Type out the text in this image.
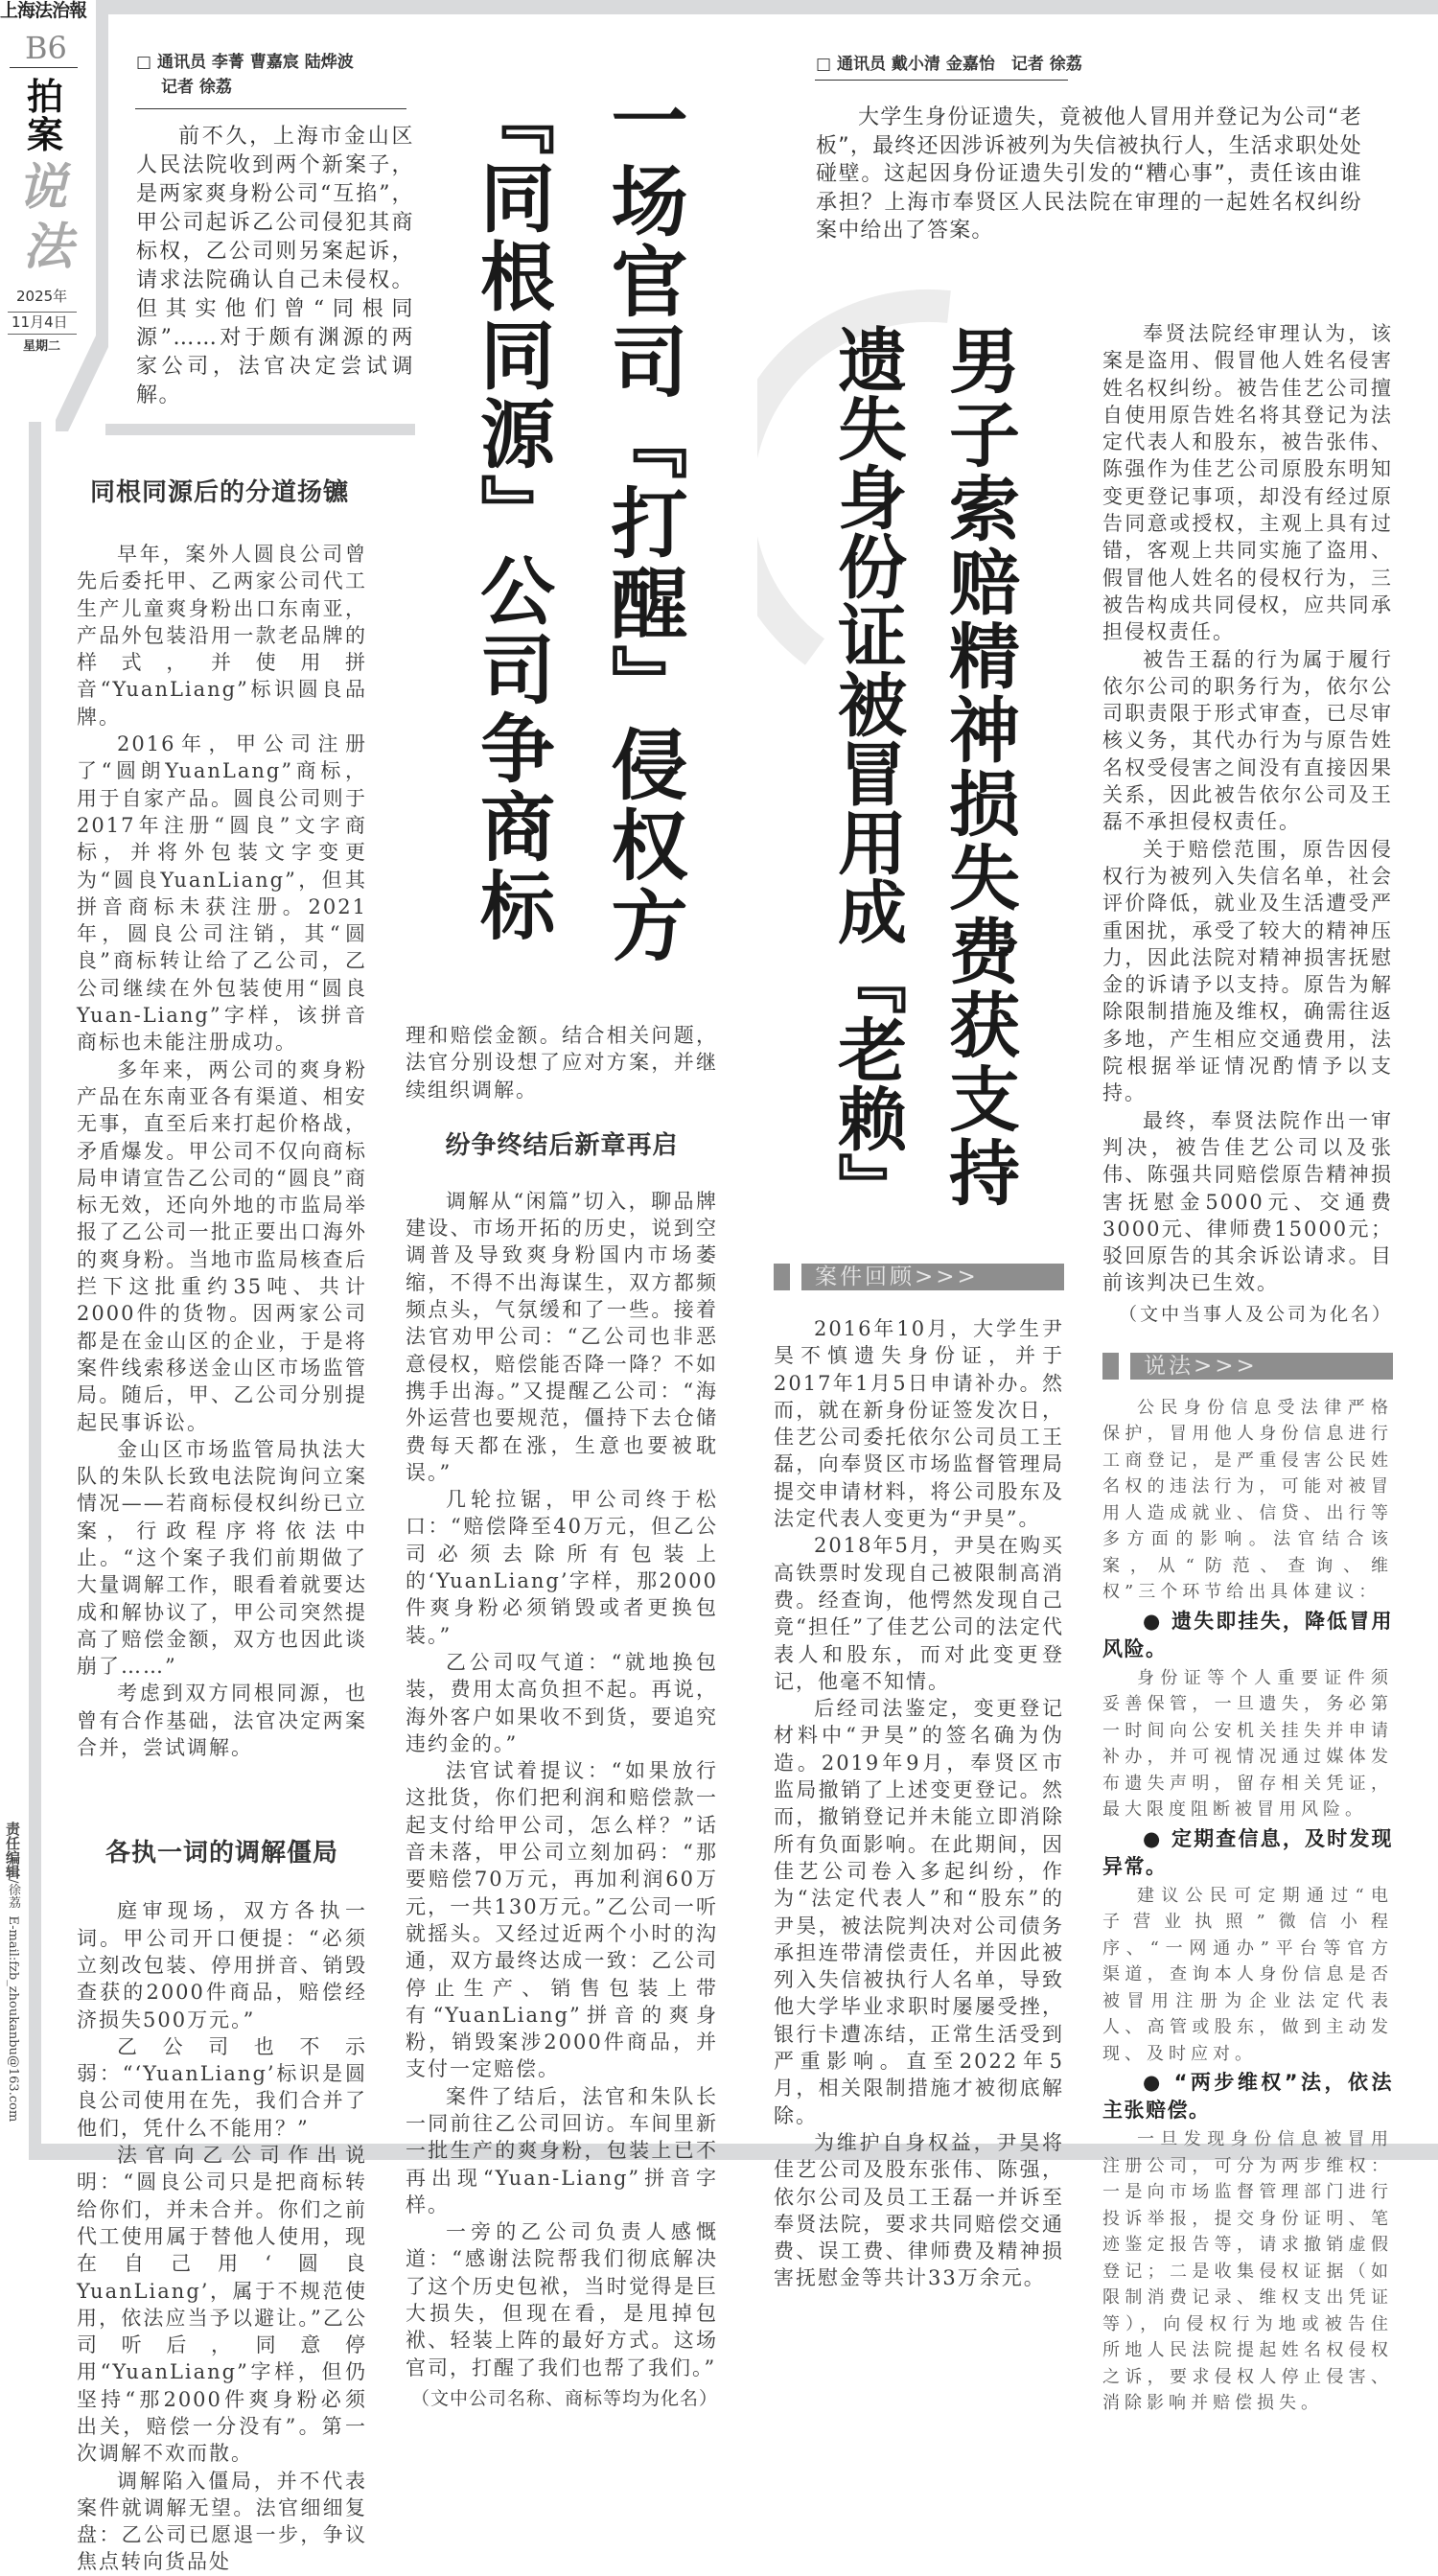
上海法治報
B6
拍
案
说
法
2025年
11月4日
星期二
责任编辑/徐荔E-mail:fzb_zhoukanbu@163.com
□ 通讯员 李菁 曹嘉宸 陆烨波
记者 徐荔

前不久，上海市金山区人民法院收到两个新案子，是两家爽身粉公司“互掐”，甲公司起诉乙公司侵犯其商标权，乙公司则另案起诉，请求法院确认自己未侵权。但其实他们曾“同根同源”……对于颇有渊源的两家公司，法官决定尝试调解。	一场官司『打醒』侵权方
『同根同源』公司争商标
同根同源后的分道扬镳

早年，案外人圆良公司曾先后委托甲、乙两家公司代工生产儿童爽身粉出口东南亚，产品外包装沿用一款老品牌的样式，并使用拼音“YuanLiang”标识圆良品牌。

2016年，甲公司注册了“圆朗YuanLang”商标，用于自家产品。圆良公司则于2017年注册“圆良”文字商标，并将外包装文字变更为“圆良YuanLiang”，但其拼音商标未获注册。2021年，圆良公司注销，其“圆良”商标转让给了乙公司，乙公司继续在外包装使用“圆良Yuan-Liang”字样，该拼音商标也未能注册成功。

多年来，两公司的爽身粉产品在东南亚各有渠道、相安无事，直至后来打起价格战，矛盾爆发。甲公司不仅向商标局申请宣告乙公司的“圆良”商标无效，还向外地的市监局举报了乙公司一批正要出口海外的爽身粉。当地市监局核查后拦下这批重约35吨、共计2000件的货物。因两家公司都是在金山区的企业，于是将案件线索移送金山区市场监管局。随后，甲、乙公司分别提起民事诉讼。

金山区市场监管局执法大队的朱队长致电法院询问立案情况——若商标侵权纠纷已立案，行政程序将依法中止。“这个案子我们前期做了大量调解工作，眼看着就要达成和解协议了，甲公司突然提高了赔偿金额，双方也因此谈崩了……”

考虑到双方同根同源，也曾有合作基础，法官决定两案合并，尝试调解。

各执一词的调解僵局

庭审现场，双方各执一词。甲公司开口便提：“必须立刻改包装、停用拼音、销毁查获的2000件商品，赔偿经济损失500万元。”

乙公司也不示弱：“‘YuanLiang’标识是圆良公司使用在先，我们合并了他们，凭什么不能用？”

法官向乙公司作出说明：“圆良公司只是把商标转给你们，并未合并。你们之前代工使用属于替他人使用，现在自己用‘圆良YuanLiang’，属于不规范使用，依法应当予以避让。”乙公司听后，同意停用“YuanLiang”字样，但仍坚持“那2000件爽身粉必须出关，赔偿一分没有”。第一次调解不欢而散。

调解陷入僵局，并不代表案件就调解无望。法官细细复盘：乙公司已愿退一步，争议焦点转向货品处

理和赔偿金额。结合相关问题，法官分别设想了应对方案，并继续组织调解。

纷争终结后新章再启

调解从“闲篇”切入，聊品牌建设、市场开拓的历史，说到空调普及导致爽身粉国内市场萎缩，不得不出海谋生，双方都频频点头，气氛缓和了一些。接着法官劝甲公司：“乙公司也非恶意侵权，赔偿能否降一降？不如携手出海。”又提醒乙公司：“海外运营也要规范，僵持下去仓储费每天都在涨，生意也要被耽误。”

几轮拉锯，甲公司终于松口：“赔偿降至40万元，但乙公司必须去除所有包装上的‘YuanLiang’字样，那2000件爽身粉必须销毁或者更换包装。”

乙公司叹气道：“就地换包装，费用太高负担不起。再说，海外客户如果收不到货，要追究违约金的。”

法官试着提议：“如果放行这批货，你们把利润和赔偿款一起支付给甲公司，怎么样？”话音未落，甲公司立刻加码：“那要赔偿70万元，再加利润60万元，一共130万元。”乙公司一听就摇头。又经过近两个小时的沟通，双方最终达成一致：乙公司停止生产、销售包装上带有“YuanLiang”拼音的爽身粉，销毁案涉2000件商品，并支付一定赔偿。

案件了结后，法官和朱队长一同前往乙公司回访。车间里新一批生产的爽身粉，包装上已不再出现“Yuan-Liang”拼音字样。

一旁的乙公司负责人感慨道：“感谢法院帮我们彻底解决了这个历史包袱，当时觉得是巨大损失，但现在看，是甩掉包袱、轻装上阵的最好方式。这场官司，打醒了我们也帮了我们。”

（文中公司名称、商标等均为化名）

□ 通讯员 戴小清 金嘉怡　记者 徐荔

大学生身份证遗失，竟被他人冒用并登记为公司“老板”，最终还因涉诉被列为失信被执行人，生活求职处处碰壁。这起因身份证遗失引发的“糟心事”，责任该由谁承担？上海市奉贤区人民法院在审理的一起姓名权纠纷案中给出了答案。

男子索赔精神损失费获支持
遗失身份证被冒用成『老赖』
案件回顾>>>

2016年10月，大学生尹昊不慎遗失身份证，并于2017年1月5日申请补办。然而，就在新身份证签发次日，佳艺公司委托依尔公司员工王磊，向奉贤区市场监督管理局提交申请材料，将公司股东及法定代表人变更为“尹昊”。

2018年5月，尹昊在购买高铁票时发现自己被限制高消费。经查询，他愕然发现自己竟“担任”了佳艺公司的法定代表人和股东，而对此变更登记，他毫不知情。

后经司法鉴定，变更登记材料中“尹昊”的签名确为伪造。2019年9月，奉贤区市监局撤销了上述变更登记。然而，撤销登记并未能立即消除所有负面影响。在此期间，因佳艺公司卷入多起纠纷，作为“法定代表人”和“股东”的尹昊，被法院判决对公司债务承担连带清偿责任，并因此被列入失信被执行人名单，导致他大学毕业求职时屡屡受挫，银行卡遭冻结，正常生活受到严重影响。直至2022年5月，相关限制措施才被彻底解除。

为维护自身权益，尹昊将佳艺公司及股东张伟、陈强，依尔公司及员工王磊一并诉至奉贤法院，要求共同赔偿交通费、误工费、律师费及精神损害抚慰金等共计33万余元。

奉贤法院经审理认为，该案是盗用、假冒他人姓名侵害姓名权纠纷。被告佳艺公司擅自使用原告姓名将其登记为法定代表人和股东，被告张伟、陈强作为佳艺公司原股东明知变更登记事项，却没有经过原告同意或授权，主观上具有过错，客观上共同实施了盗用、假冒他人姓名的侵权行为，三被告构成共同侵权，应共同承担侵权责任。

被告王磊的行为属于履行依尔公司的职务行为，依尔公司职责限于形式审查，已尽审核义务，其代办行为与原告姓名权受侵害之间没有直接因果关系，因此被告依尔公司及王磊不承担侵权责任。

关于赔偿范围，原告因侵权行为被列入失信名单，社会评价降低，就业及生活遭受严重困扰，承受了较大的精神压力，因此法院对精神损害抚慰金的诉请予以支持。原告为解除限制措施及维权，确需往返多地，产生相应交通费用，法院根据举证情况酌情予以支持。

最终，奉贤法院作出一审判决，被告佳艺公司以及张伟、陈强共同赔偿原告精神损害抚慰金5000元、交通费3000元、律师费15000元；驳回原告的其余诉讼请求。目前该判决已生效。

（文中当事人及公司为化名）

说法>>>

公民身份信息受法律严格保护，冒用他人身份信息进行工商登记，是严重侵害公民姓名权的违法行为，可能对被冒用人造成就业、信贷、出行等多方面的影响。法官结合该案，从“防范、查询、维权”三个环节给出具体建议：

● 遗失即挂失，降低冒用风险。

身份证等个人重要证件须妥善保管，一旦遗失，务必第一时间向公安机关挂失并申请补办，并可视情况通过媒体发布遗失声明，留存相关凭证，最大限度阻断被冒用风险。

● 定期查信息，及时发现异常。

建议公民可定期通过“电子营业执照”微信小程序、“一网通办”平台等官方渠道，查询本人身份信息是否被冒用注册为企业法定代表人、高管或股东，做到主动发现、及时应对。

● “两步维权”法，依法主张赔偿。

一旦发现身份信息被冒用注册公司，可分为两步维权：一是向市场监督管理部门进行投诉举报，提交身份证明、笔迹鉴定报告等，请求撤销虚假登记；二是收集侵权证据（如限制消费记录、维权支出凭证等），向侵权行为地或被告住所地人民法院提起姓名权侵权之诉，要求侵权人停止侵害、消除影响并赔偿损失。
